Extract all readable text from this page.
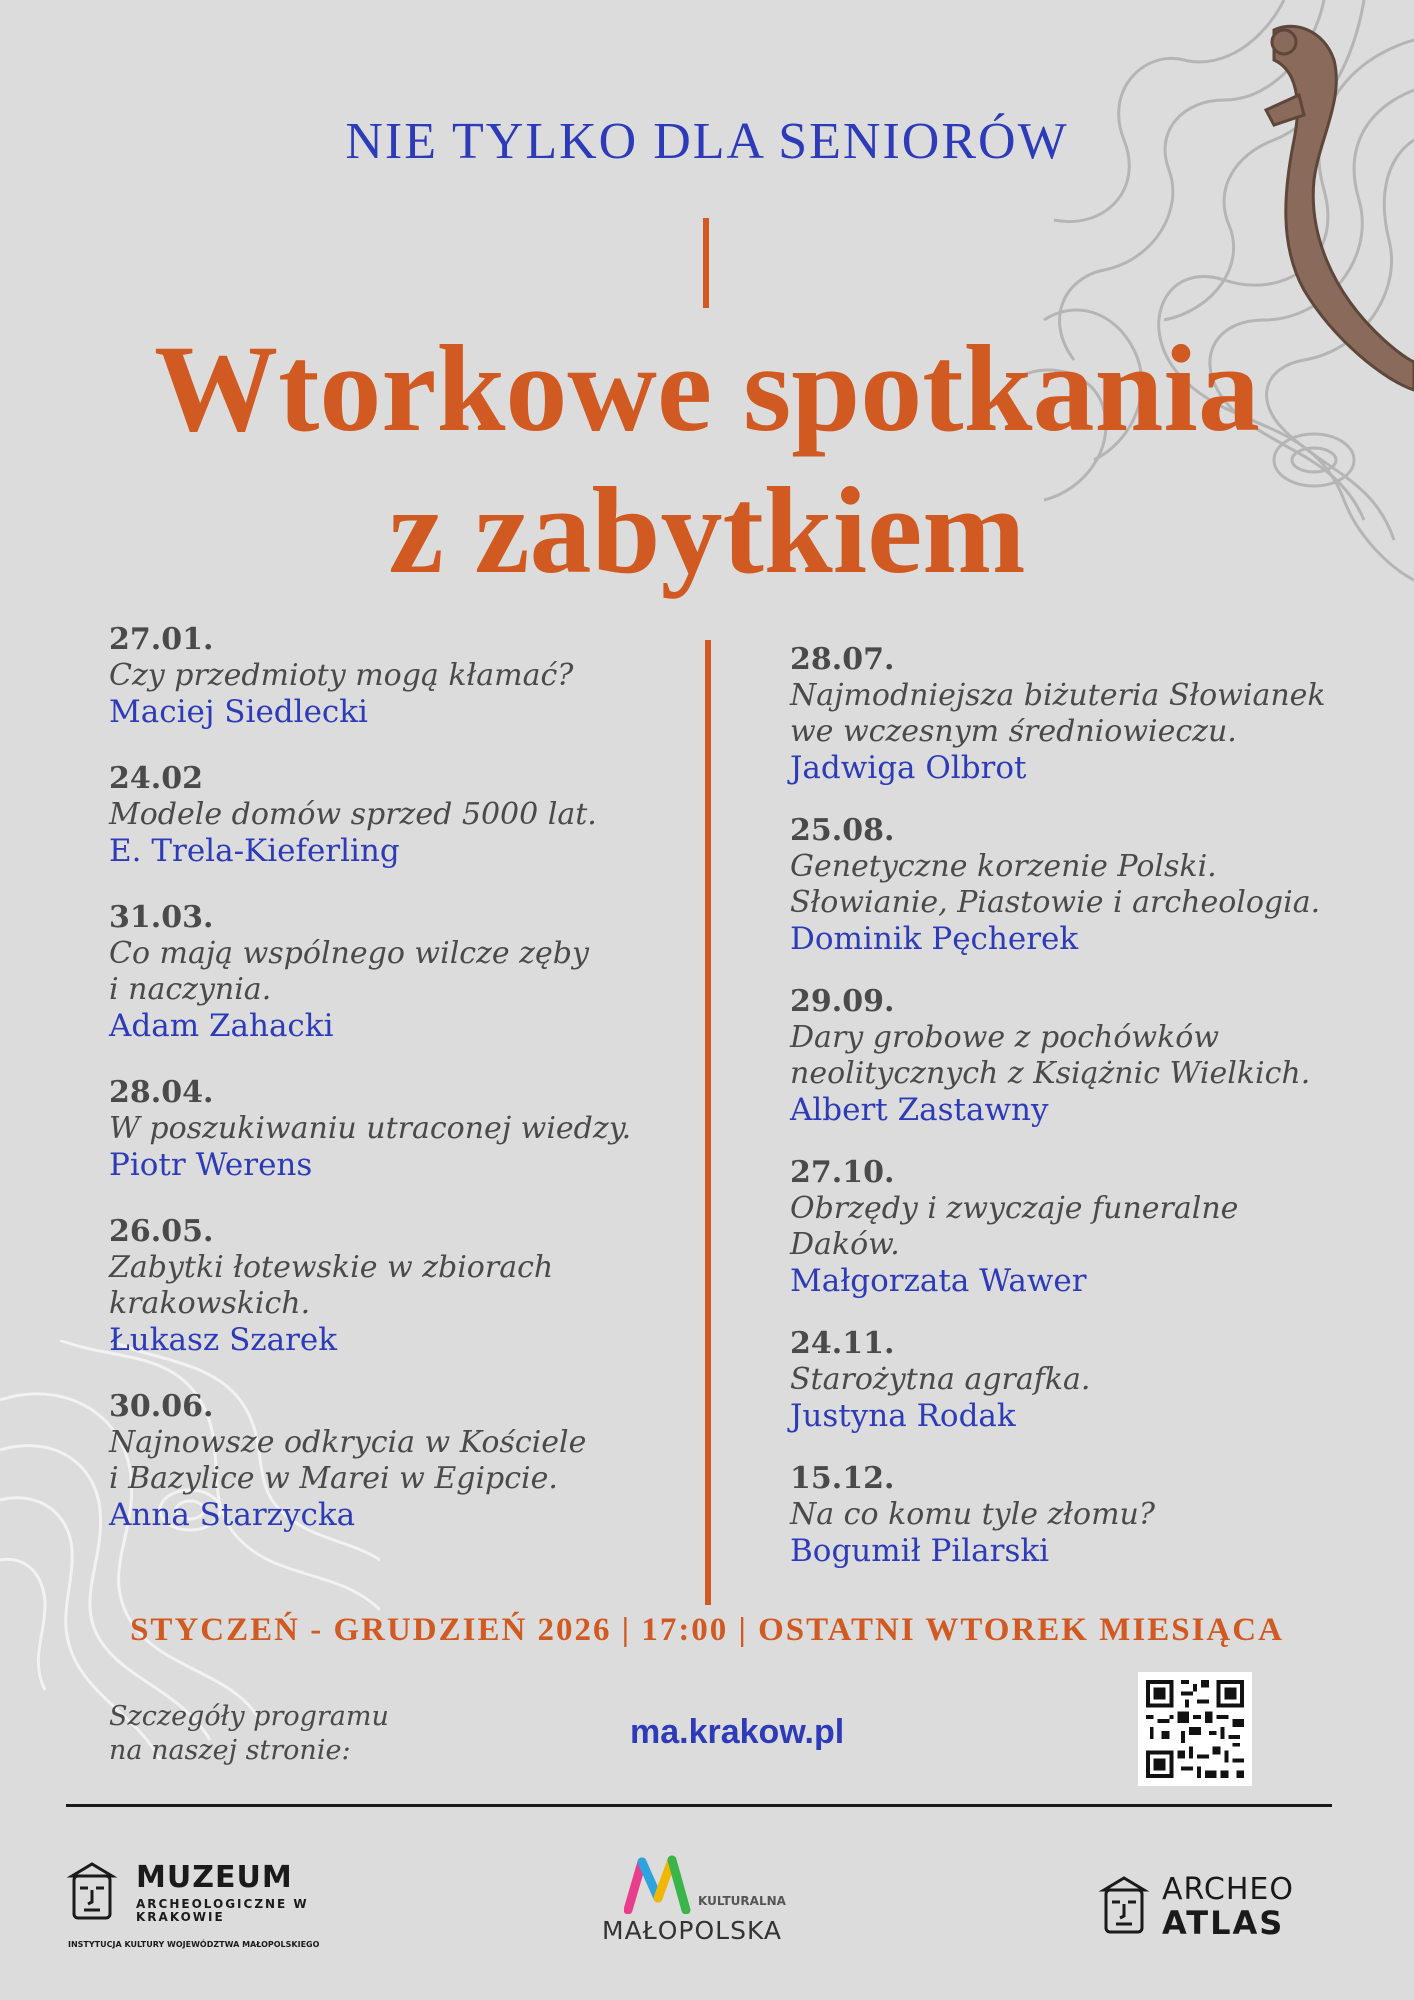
NIE TYLKO DLA SENIORÓW
Wtorkowe spotkania
z zabytkiem
27.01.
Czy przedmioty mogą kłamać?
Maciej Siedlecki
24.02
Modele domów sprzed 5000 lat.
E. Trela-Kieferling
31.03.
Co mają wspólnego wilcze zęby
i naczynia.
Adam Zahacki
28.04.
W poszukiwaniu utraconej wiedzy.
Piotr Werens
26.05.
Zabytki łotewskie w zbiorach
krakowskich.
Łukasz Szarek
30.06.
Najnowsze odkrycia w Kościele
i Bazylice w Marei w Egipcie.
Anna Starzycka
28.07.
Najmodniejsza biżuteria Słowianek
we wczesnym średniowieczu.
Jadwiga Olbrot
25.08.
Genetyczne korzenie Polski.
Słowianie, Piastowie i archeologia.
Dominik Pęcherek
29.09.
Dary grobowe z pochówków
neolitycznych z Książnic Wielkich.
Albert Zastawny
27.10.
Obrzędy i zwyczaje funeralne
Daków.
Małgorzata Wawer
24.11.
Starożytna agrafka.
Justyna Rodak
15.12.
Na co komu tyle złomu?
Bogumił Pilarski
STYCZEŃ - GRUDZIEŃ 2026 | 17:00 | OSTATNI WTOREK MIESIĄCA
Szczegóły programu
na naszej stronie:	ma.krakow.pl
MUZEUM
ARCHEOLOGICZNE W KRAKOWIE
INSTYTUCJA KULTURY WOJEWÓDZTWA MAŁOPOLSKIEGO
KULTURALNA
MAŁOPOLSKA
ARCHEO
ATLAS
